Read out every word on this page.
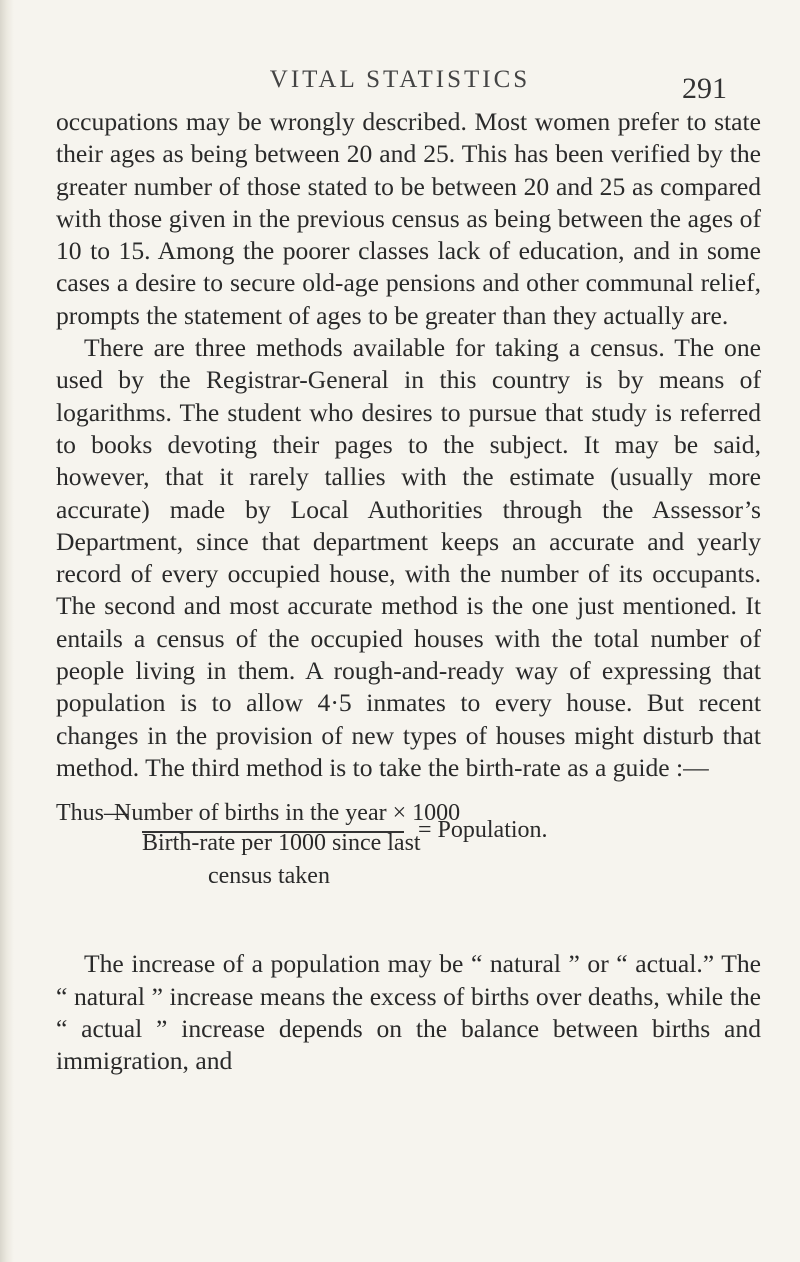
VITAL STATISTICS	291

occupations may be wrongly described. Most women prefer to state their ages as being between 20 and 25. This has been verified by the greater number of those stated to be between 20 and 25 as compared with those given in the previous census as being between the ages of 10 to 15. Among the poorer classes lack of education, and in some cases a desire to secure old-age pensions and other communal relief, prompts the statement of ages to be greater than they actually are.

There are three methods available for taking a census. The one used by the Registrar-General in this country is by means of logarithms. The student who desires to pursue that study is referred to books devoting their pages to the subject. It may be said, however, that it rarely tallies with the estimate (usually more accurate) made by Local Authorities through the Assessor’s Department, since that department keeps an accurate and yearly record of every occupied house, with the number of its occupants. The second and most accurate method is the one just mentioned. It entails a census of the occupied houses with the total number of people living in them. A rough-and-ready way of expressing that population is to allow 4·5 inmates to every house. But recent changes in the provision of new types of houses might disturb that method. The third method is to take the birth-rate as a guide :—

Thus—
Number of births in the year × 1000
Birth-rate per 1000 since last
census taken
= Population.

The increase of a population may be “ natural ” or “ actual.” The “ natural ” increase means the excess of births over deaths, while the “ actual ” increase depends on the balance between births and immigration, and
